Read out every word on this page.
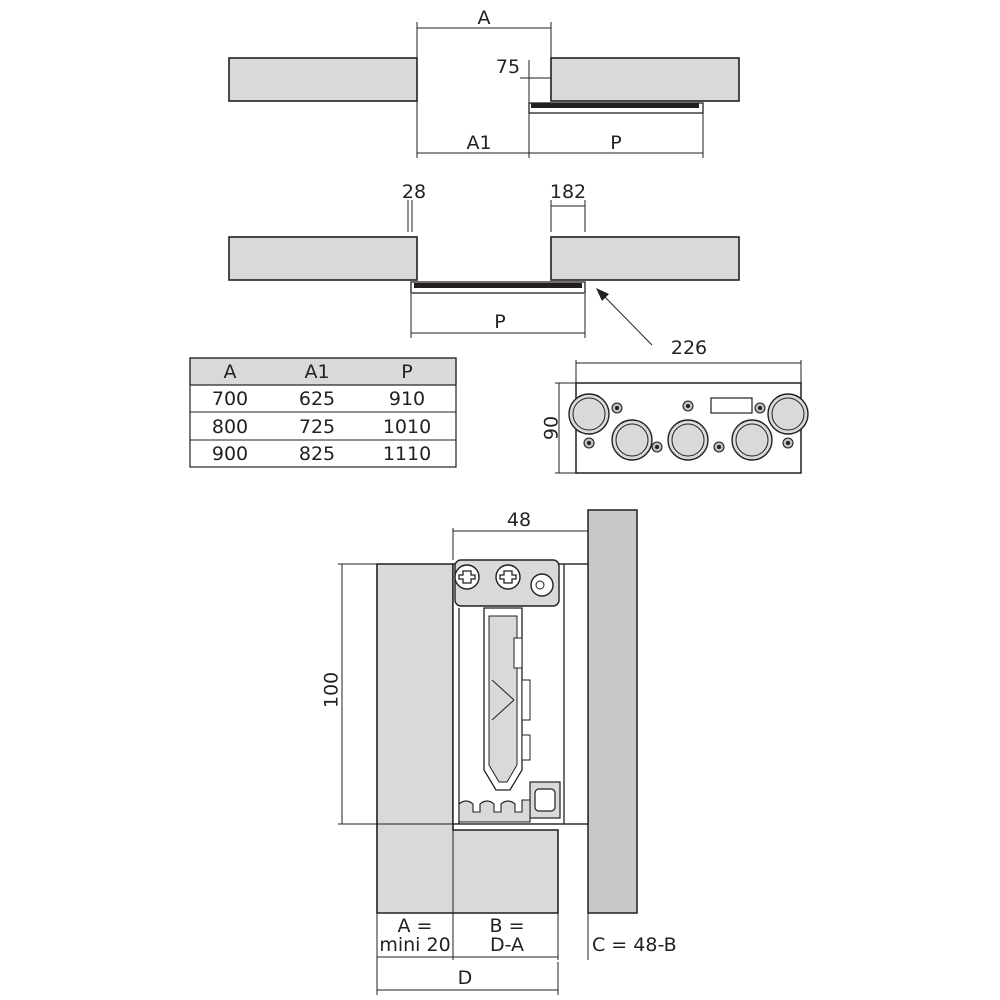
A
75
A1	P
28	182
P
A	A1	P
700	625	910
800	725	1010
900	825	1110
226
90
48
100
A =
mini 20
B =
D-A	C = 48-B
D
